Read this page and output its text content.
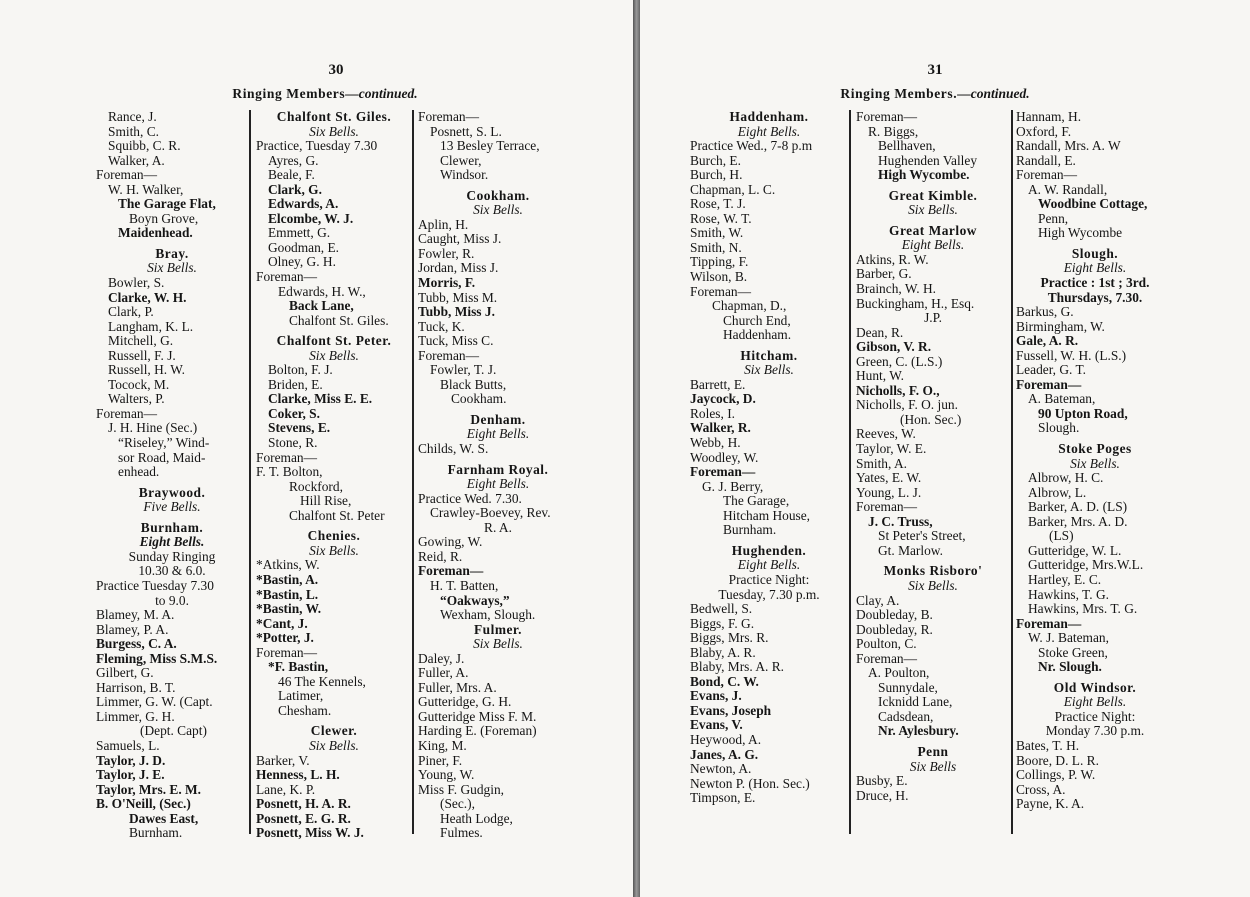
30
Ringing Members—continued.
Rance, J.
Smith, C.
Squibb, C. R.
Walker, A.
Foreman—
W. H. Walker,
The Garage Flat,
Boyn Grove,
Maidenhead.
Bray.
Six Bells.
Bowler, S.
Clarke, W. H.
Clark, P.
Langham, K. L.
Mitchell, G.
Russell, F. J.
Russell, H. W.
Tocock, M.
Walters, P.
Foreman—
J. H. Hine (Sec.)
“Riseley,” Wind-
sor Road, Maid-
enhead.
Braywood.
Five Bells.
Burnham.
Eight Bells.
Sunday Ringing
10.30 & 6.0.
Practice Tuesday 7.30
to 9.0.
Blamey, M. A.
Blamey, P. A.
Burgess, C. A.
Fleming, Miss S.M.S.
Gilbert, G.
Harrison, B. T.
Limmer, G. W. (Capt.
Limmer, G. H.
(Dept. Capt)
Samuels, L.
Taylor, J. D.
Taylor, J. E.
Taylor, Mrs. E. M.
B. O'Neill, (Sec.)
Dawes East,
Burnham.
Chalfont St. Giles.
Six Bells.
Practice, Tuesday 7.30
Ayres, G.
Beale, F.
Clark, G.
Edwards, A.
Elcombe, W. J.
Emmett, G.
Goodman, E.
Olney, G. H.
Foreman—
Edwards, H. W.,
Back Lane,
Chalfont St. Giles.
Chalfont St. Peter.
Six Bells.
Bolton, F. J.
Briden, E.
Clarke, Miss E. E.
Coker, S.
Stevens, E.
Stone, R.
Foreman—
F. T. Bolton,
Rockford,
Hill Rise,
Chalfont St. Peter
Chenies.
Six Bells.
*Atkins, W.
*Bastin, A.
*Bastin, L.
*Bastin, W.
*Cant, J.
*Potter, J.
Foreman—
*F. Bastin,
46 The Kennels,
Latimer,
Chesham.
Clewer.
Six Bells.
Barker, V.
Henness, L. H.
Lane, K. P.
Posnett, H. A. R.
Posnett, E. G. R.
Posnett, Miss W. J.
Foreman—
Posnett, S. L.
13 Besley Terrace,
Clewer,
Windsor.
Cookham.
Six Bells.
Aplin, H.
Caught, Miss J.
Fowler, R.
Jordan, Miss J.
Morris, F.
Tubb, Miss M.
Tubb, Miss J.
Tuck, K.
Tuck, Miss C.
Foreman—
Fowler, T. J.
Black Butts,
Cookham.
Denham.
Eight Bells.
Childs, W. S.
Farnham Royal.
Eight Bells.
Practice Wed. 7.30.
Crawley-Boevey, Rev.
R. A.
Gowing, W.
Reid, R.
Foreman—
H. T. Batten,
“Oakways,”
Wexham, Slough.
Fulmer.
Six Bells.
Daley, J.
Fuller, A.
Fuller, Mrs. A.
Gutteridge, G. H.
Gutteridge Miss F. M.
Harding E. (Foreman)
King, M.
Piner, F.
Young, W.
Miss F. Gudgin,
(Sec.),
Heath Lodge,
Fulmes.
31
Ringing Members.—continued.
Haddenham.
Eight Bells.
Practice Wed., 7-8 p.m
Burch, E.
Burch, H.
Chapman, L. C.
Rose, T. J.
Rose, W. T.
Smith, W.
Smith, N.
Tipping, F.
Wilson, B.
Foreman—
Chapman, D.,
Church End,
Haddenham.
Hitcham.
Six Bells.
Barrett, E.
Jaycock, D.
Roles, I.
Walker, R.
Webb, H.
Woodley, W.
Foreman—
G. J. Berry,
The Garage,
Hitcham House,
Burnham.
Hughenden.
Eight Bells.
Practice Night:
Tuesday, 7.30 p.m.
Bedwell, S.
Biggs, F. G.
Biggs, Mrs. R.
Blaby, A. R.
Blaby, Mrs. A. R.
Bond, C. W.
Evans, J.
Evans, Joseph
Evans, V.
Heywood, A.
Janes, A. G.
Newton, A.
Newton P. (Hon. Sec.)
Timpson, E.
Foreman—
R. Biggs,
Bellhaven,
Hughenden Valley
High Wycombe.
Great Kimble.
Six Bells.
Great Marlow
Eight Bells.
Atkins, R. W.
Barber, G.
Brainch, W. H.
Buckingham, H., Esq.
J.P.
Dean, R.
Gibson, V. R.
Green, C. (L.S.)
Hunt, W.
Nicholls, F. O.,
Nicholls, F. O. jun.
(Hon. Sec.)
Reeves, W.
Taylor, W. E.
Smith, A.
Yates, E. W.
Young, L. J.
Foreman—
J. C. Truss,
St Peter's Street,
Gt. Marlow.
Monks Risboro'
Six Bells.
Clay, A.
Doubleday, B.
Doubleday, R.
Poulton, C.
Foreman—
A. Poulton,
Sunnydale,
Icknidd Lane,
Cadsdean,
Nr. Aylesbury.
Penn
Six Bells
Busby, E.
Druce, H.
Hannam, H.
Oxford, F.
Randall, Mrs. A. W
Randall, E.
Foreman—
A. W. Randall,
Woodbine Cottage,
Penn,
High Wycombe
Slough.
Eight Bells.
Practice : 1st ; 3rd.
Thursdays, 7.30.
Barkus, G.
Birmingham, W.
Gale, A. R.
Fussell, W. H. (L.S.)
Leader, G. T.
Foreman—
A. Bateman,
90 Upton Road,
Slough.
Stoke Poges
Six Bells.
Albrow, H. C.
Albrow, L.
Barker, A. D. (LS)
Barker, Mrs. A. D.
(LS)
Gutteridge, W. L.
Gutteridge, Mrs.W.L.
Hartley, E. C.
Hawkins, T. G.
Hawkins, Mrs. T. G.
Foreman—
W. J. Bateman,
Stoke Green,
Nr. Slough.
Old Windsor.
Eight Bells.
Practice Night:
Monday 7.30 p.m.
Bates, T. H.
Boore, D. L. R.
Collings, P. W.
Cross, A.
Payne, K. A.
